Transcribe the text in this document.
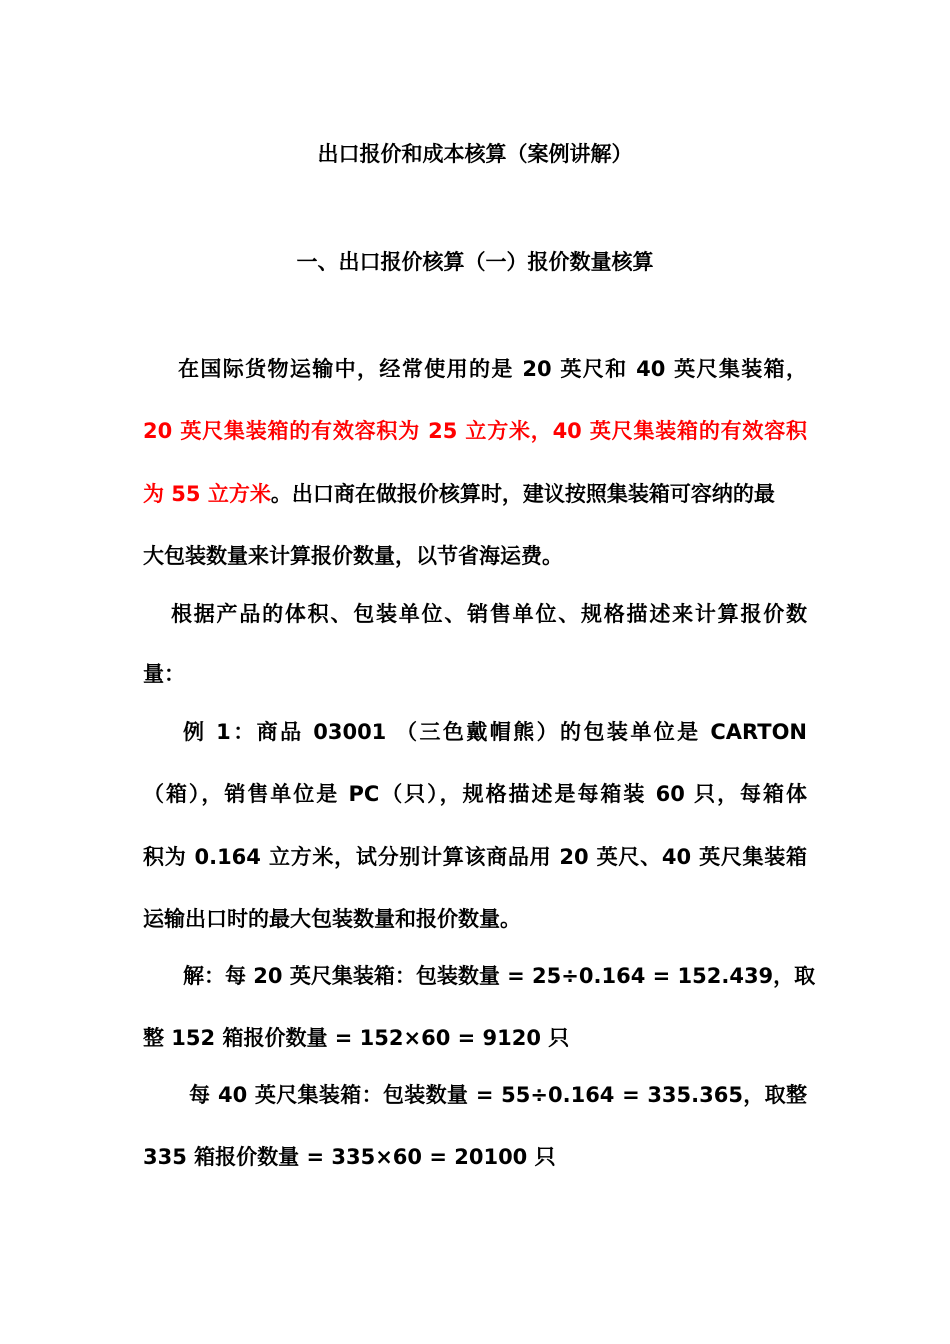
出口报价和成本核算（案例讲解）
一、出口报价核算（一）报价数量核算
在国际货物运输中，经常使用的是 20 英尺和 40 英尺集装箱，
20 英尺集装箱的有效容积为 25 立方米，40 英尺集装箱的有效容积
为 55 立方米。出口商在做报价核算时，建议按照集装箱可容纳的最
大包装数量来计算报价数量，以节省海运费。
根据产品的体积、包装单位、销售单位、规格描述来计算报价数
量：
例 1：商品 03001 （三色戴帽熊）的包装单位是 CARTON
（箱），销售单位是 PC（只），规格描述是每箱装 60 只，每箱体
积为 0.164 立方米，试分别计算该商品用 20 英尺、40 英尺集装箱
运输出口时的最大包装数量和报价数量。
解：每 20 英尺集装箱：包装数量 = 25÷0.164 = 152.439，取
整 152 箱报价数量 = 152×60 = 9120 只
每 40 英尺集装箱：包装数量 = 55÷0.164 = 335.365，取整
335 箱报价数量 = 335×60 = 20100 只
